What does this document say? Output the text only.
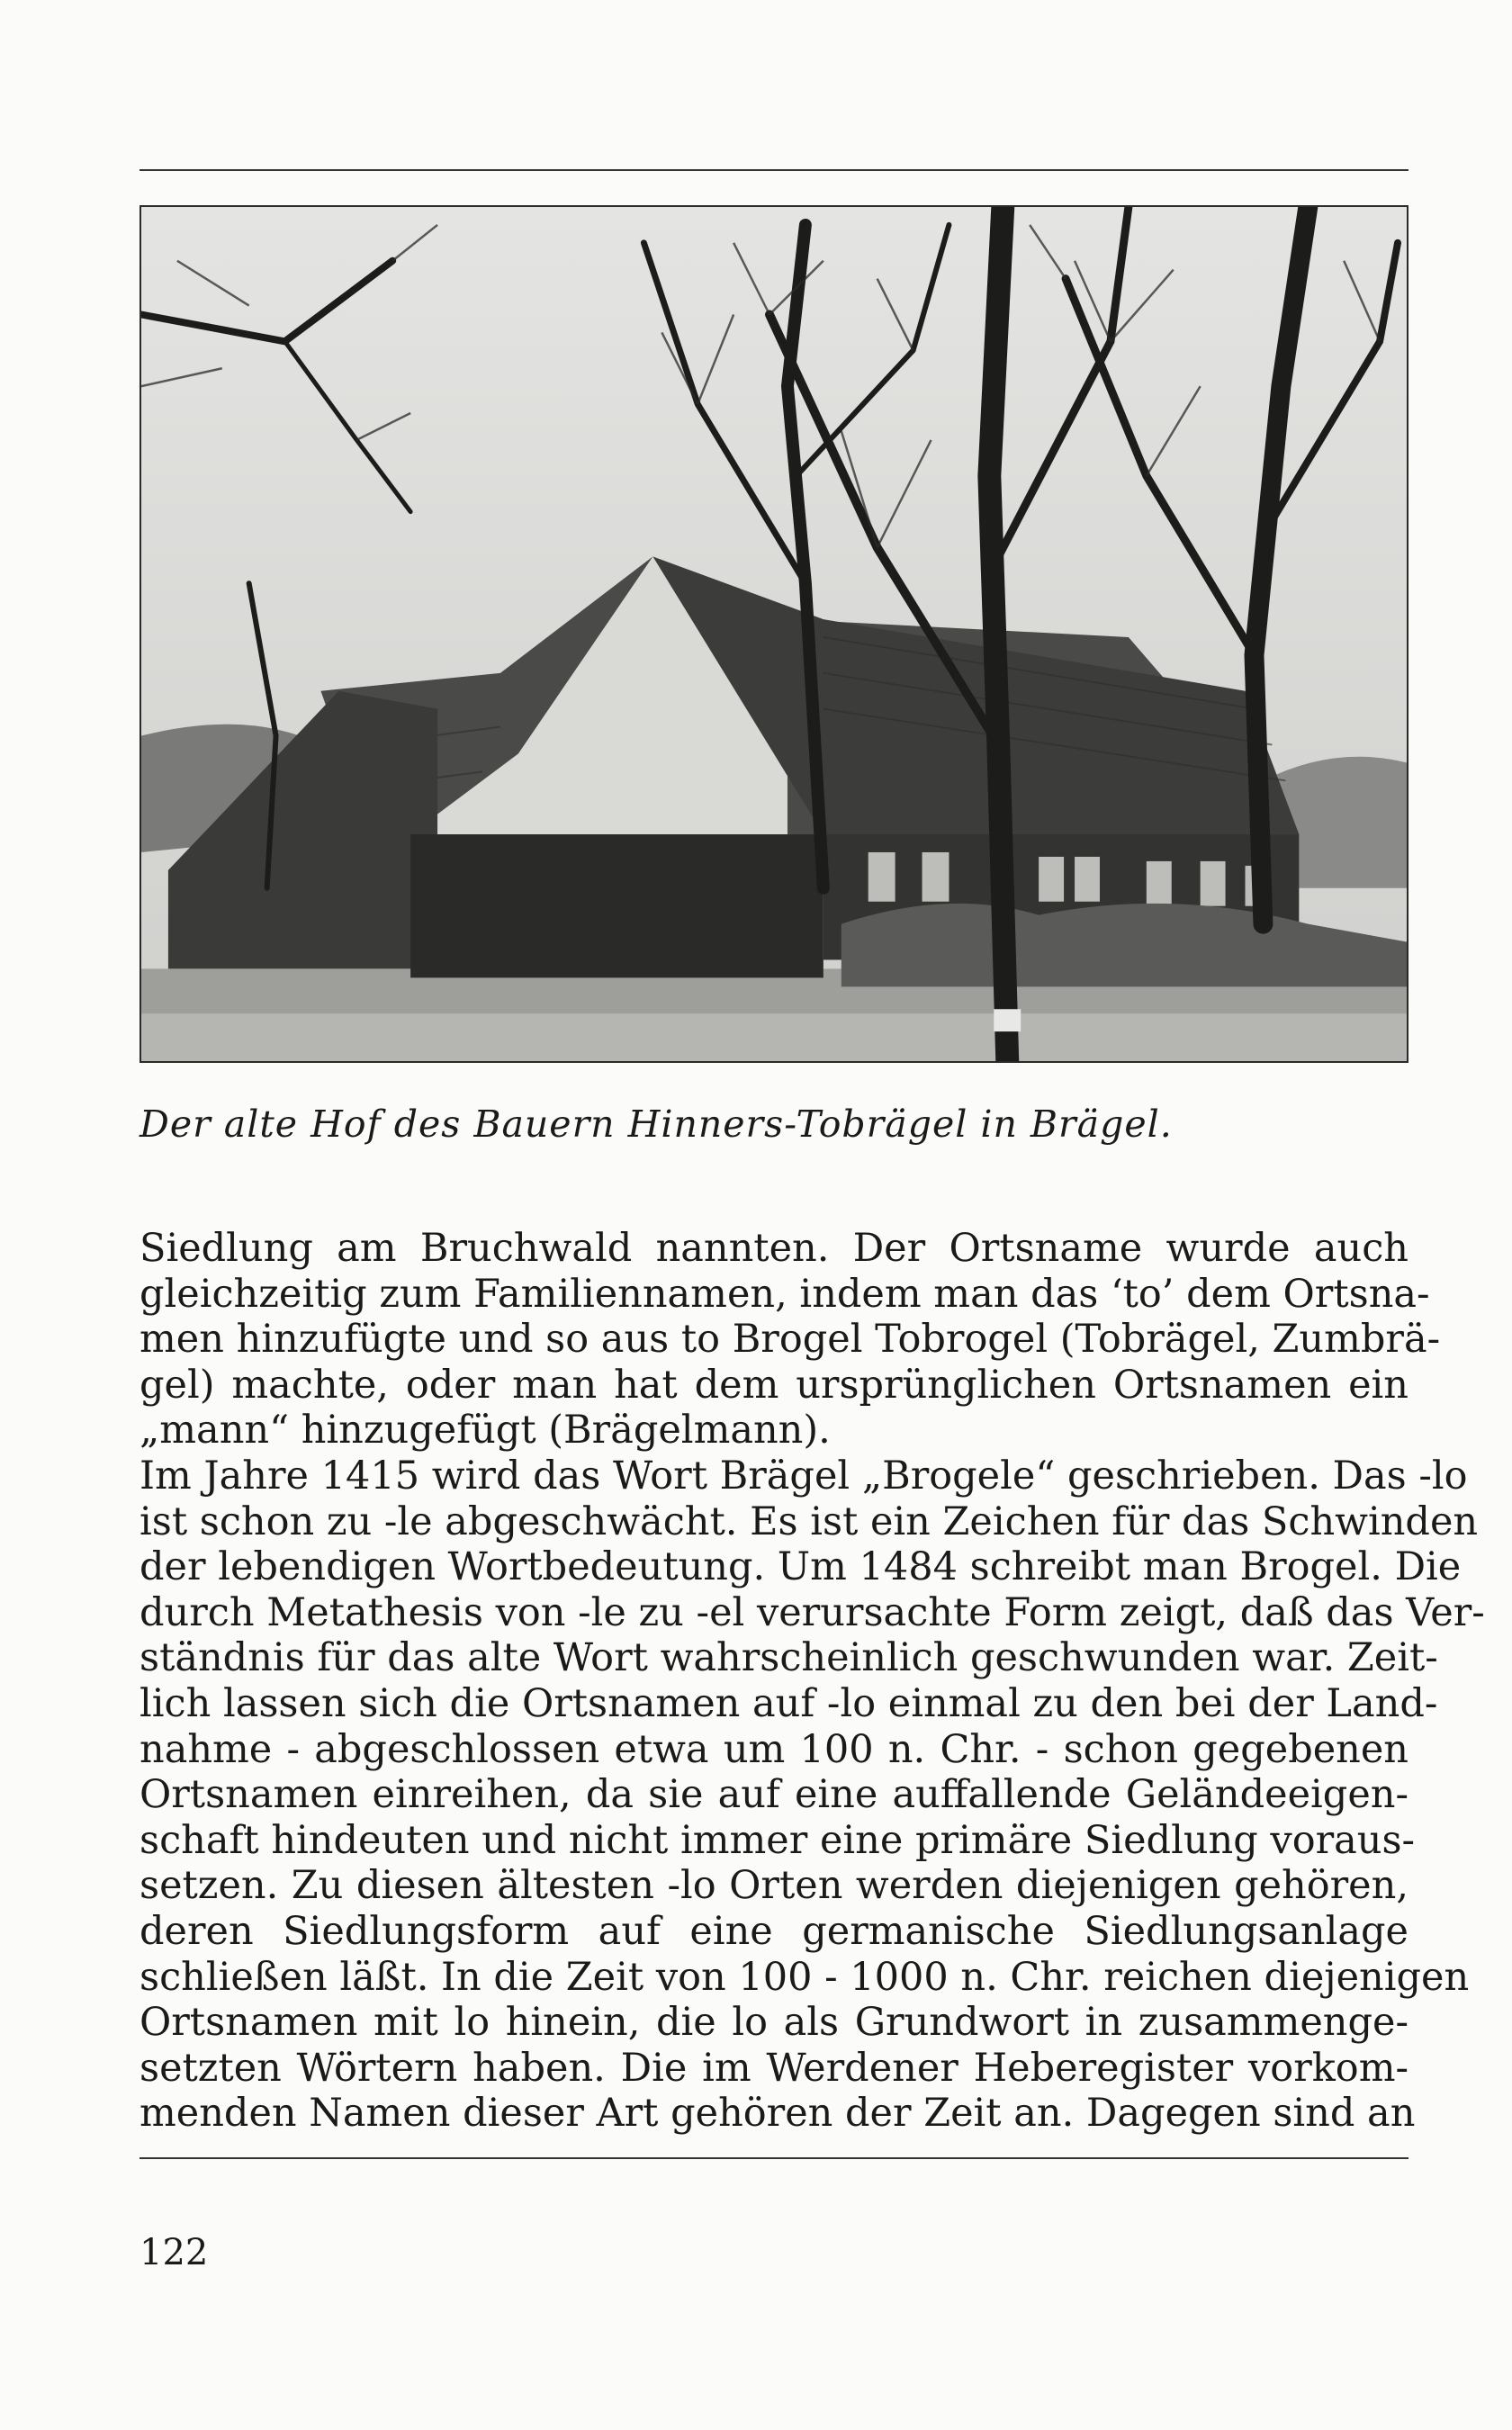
Der alte Hof des Bauern Hinners-Tobrägel in Brägel.
Siedlung am Bruchwald nannten. Der Ortsname wurde auch
gleichzeitig zum Familiennamen, indem man das ‘to’ dem Ortsna-
men hinzufügte und so aus to Brogel Tobrogel (Tobrägel, Zumbrä-
gel) machte, oder man hat dem ursprünglichen Ortsnamen ein
„mann“ hinzugefügt (Brägelmann).
Im Jahre 1415 wird das Wort Brägel „Brogele“ geschrieben. Das -lo
ist schon zu -le abgeschwächt. Es ist ein Zeichen für das Schwinden
der lebendigen Wortbedeutung. Um 1484 schreibt man Brogel. Die
durch Metathesis von -le zu -el verursachte Form zeigt, daß das Ver-
ständnis für das alte Wort wahrscheinlich geschwunden war. Zeit-
lich lassen sich die Ortsnamen auf -lo einmal zu den bei der Land-
nahme - abgeschlossen etwa um 100 n. Chr. - schon gegebenen
Ortsnamen einreihen, da sie auf eine auffallende Geländeeigen-
schaft hindeuten und nicht immer eine primäre Siedlung voraus-
setzen. Zu diesen ältesten -lo Orten werden diejenigen gehören,
deren Siedlungsform auf eine germanische Siedlungsanlage
schließen läßt. In die Zeit von 100 - 1000 n. Chr. reichen diejenigen
Ortsnamen mit lo hinein, die lo als Grundwort in zusammenge-
setzten Wörtern haben. Die im Werdener Heberegister vorkom-
menden Namen dieser Art gehören der Zeit an. Dagegen sind an
122
